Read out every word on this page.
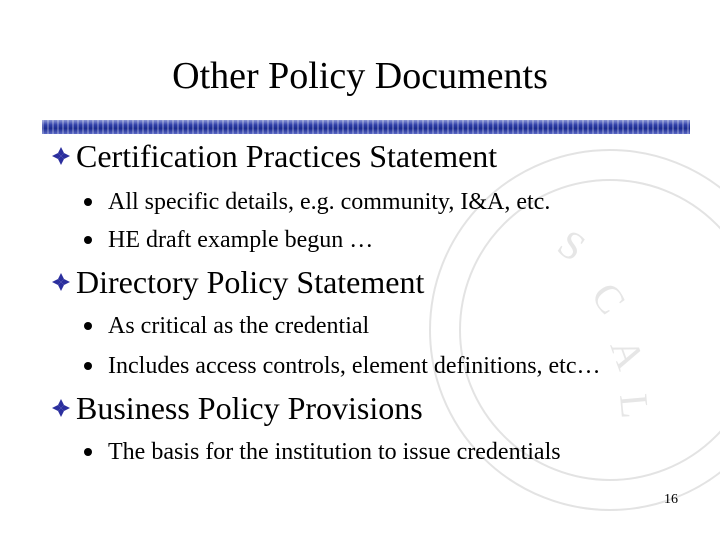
S
C
A
L
Other Policy Documents
Certification Practices Statement
All specific details, e.g. community, I&A, etc.
HE draft example begun …
Directory Policy Statement
As critical as the credential
Includes access controls, element definitions, etc…
Business Policy Provisions
The basis for the institution to issue credentials
16
